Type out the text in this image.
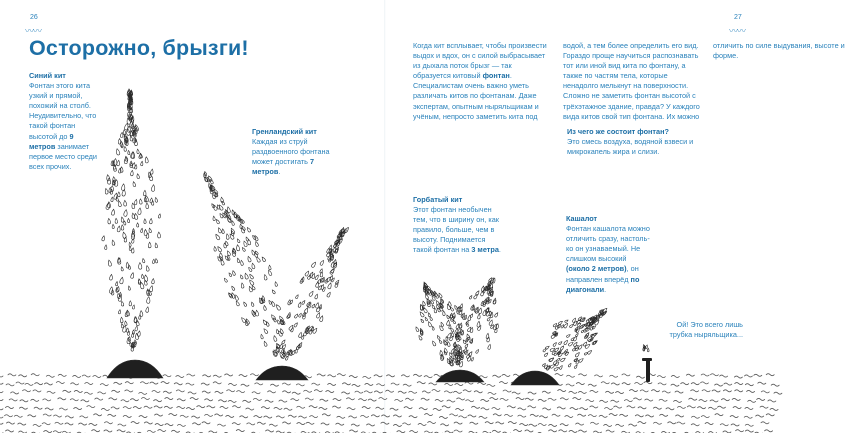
26
〰〰
27
〰〰
Осторожно, брызги!
Синий кит
Фонтан этого кита узкий и прямой, похожий на столб. Неудивительно, что такой фонтан высотой до 9 метров занимает первое место среди всех прочих.
Гренландский кит
Каждая из струй раздвоенного фонтана может достигать 7 метров.
Когда кит всплывает, чтобы произвести выдох и вдох, он с силой выбрасывает из дыхала поток брызг — так образуется китовый фонтан. Специалистам очень важно уметь различать китов по фонтанам. Даже экспертам, опытным ныряльщикам и учёным, непросто заметить кита под водой, а тем более определить его вид. Гораздо проще научиться распознавать тот или иной вид кита по фонтану, а также по частям тела, которые ненадолго мелькнут на поверхности. Сложно не заметить фонтан высотой с трёхэтажное здание, правда? У каждого вида китов свой тип фонтана. Их можно отличить по силе выдувания, высоте и форме.
Из чего же состоит фонтан?
Это смесь воздуха, водяной взвеси и микрокапель жира и слизи.
Горбатый кит
Этот фонтан необычен тем, что в ширину он, как правило, больше, чем в высоту. Поднимается такой фонтан на 3 метра.
Кашалот
Фонтан кашалота можно отличить сразу, настоль-ко он узнаваемый. Не слишком высокий (около 2 метров), он направлен вперёд по диагонали.
Ой! Это всего лишь трубка ныряльщика...
